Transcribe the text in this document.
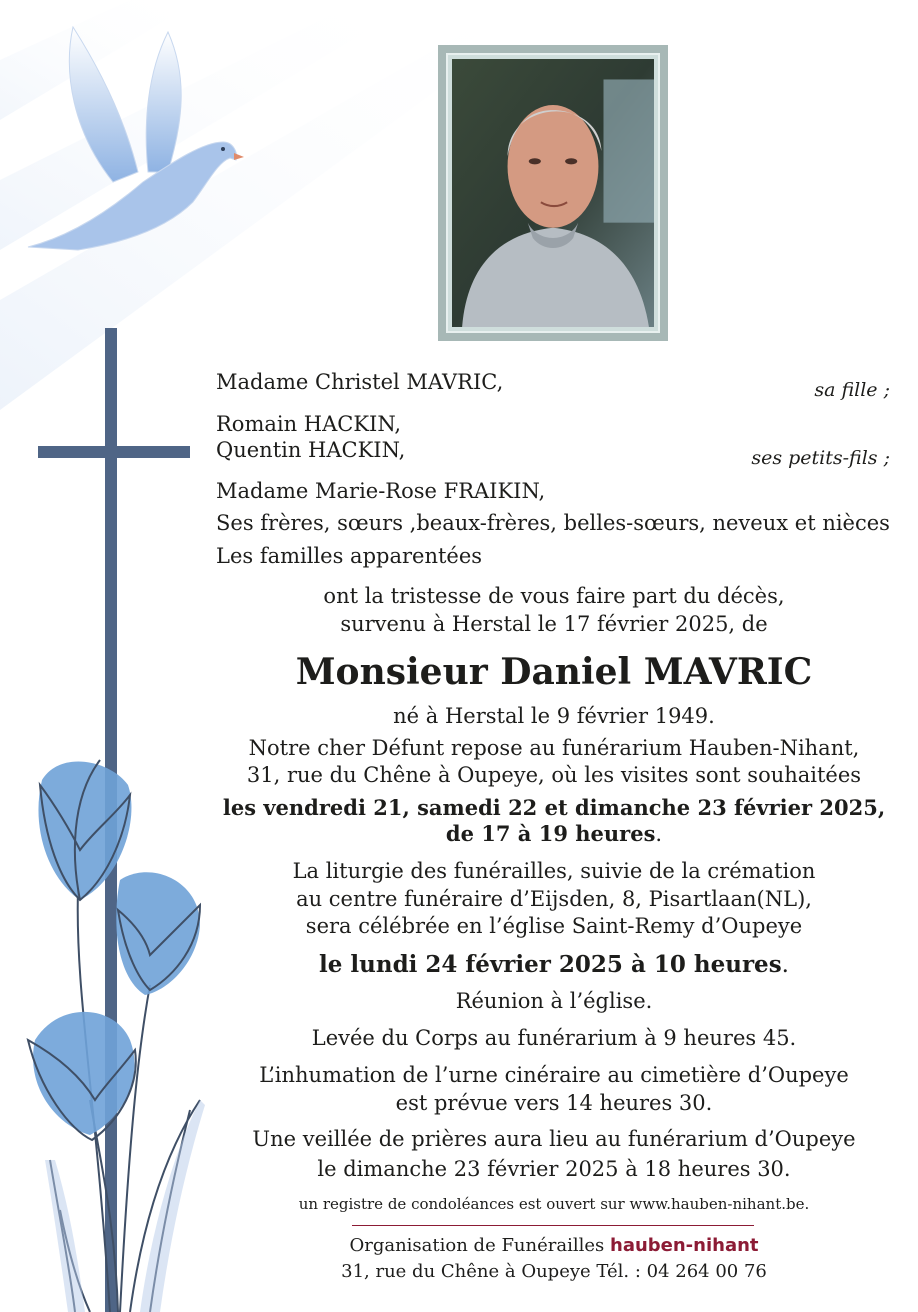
Madame Christel MAVRIC,	sa fille ;
Romain HACKIN,
Quentin HACKIN,	ses petits-fils ;
Madame Marie-Rose FRAIKIN,
Ses frères, sœurs ,beaux-frères, belles-sœurs, neveux et nièces
Les familles apparentées
ont la tristesse de vous faire part du décès,
survenu à Herstal le 17 février 2025, de
Monsieur Daniel MAVRIC
né à Herstal le 9 février 1949.
Notre cher Défunt repose au funérarium Hauben-Nihant,
31, rue du Chêne à Oupeye, où les visites sont souhaitées
les vendredi 21, samedi 22 et dimanche 23 février 2025,
de 17 à 19 heures.
La liturgie des funérailles, suivie de la crémation
au centre funéraire d’Eijsden, 8, Pisartlaan(NL),
sera célébrée en l’église Saint-Remy d’Oupeye
le lundi 24 février 2025 à 10 heures.
Réunion à l’église.
Levée du Corps au funérarium à 9 heures 45.
L’inhumation de l’urne cinéraire au cimetière d’Oupeye
est prévue vers 14 heures 30.
Une veillée de prières aura lieu au funérarium d’Oupeye
le dimanche 23 février 2025 à 18 heures 30.
un registre de condoléances est ouvert sur www.hauben-nihant.be.
Organisation de Funérailles hauben-nihant
31, rue du Chêne à Oupeye Tél. : 04 264 00 76
